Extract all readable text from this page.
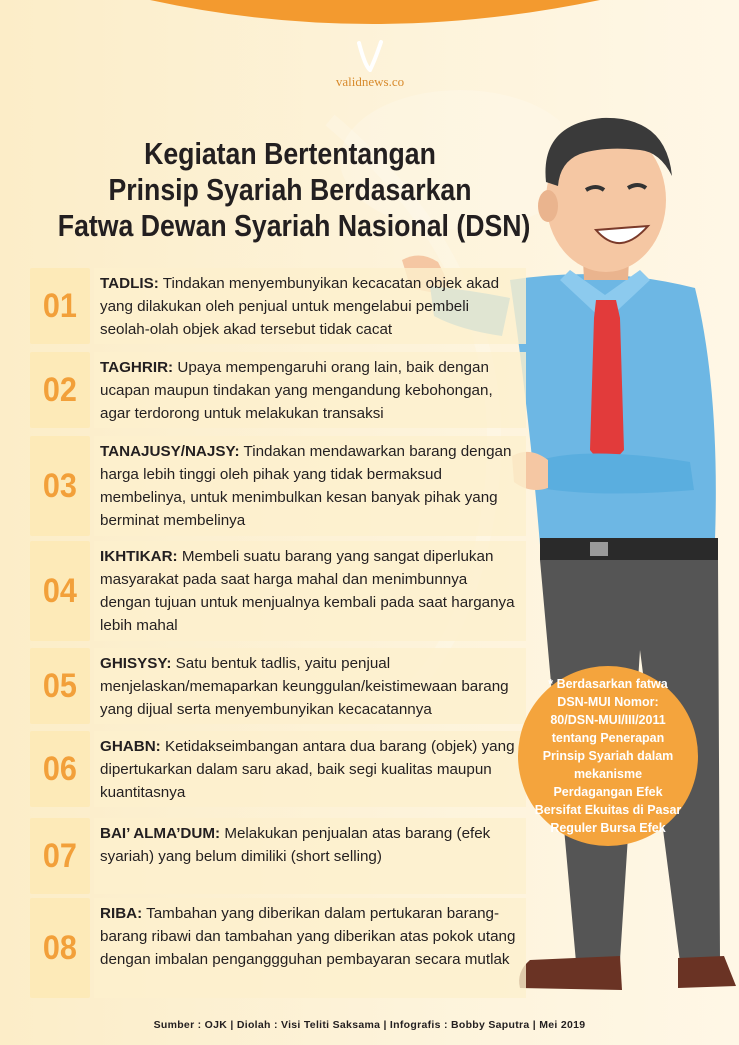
validnews.co
Kegiatan Bertentangan
Prinsip Syariah Berdasarkan
Fatwa Dewan Syariah Nasional (DSN)
01
TADLIS: Tindakan menyembunyikan kecacatan objek akad yang dilakukan oleh penjual untuk mengelabui pembeli seolah-olah objek akad tersebut tidak cacat
02
TAGHRIR: Upaya mempengaruhi orang lain, baik dengan ucapan maupun tindakan yang mengandung kebohongan, agar terdorong untuk melakukan transaksi
03
TANAJUSY/NAJSY: Tindakan mendawarkan barang dengan harga lebih tinggi oleh pihak yang tidak bermaksud membelinya, untuk menimbulkan kesan banyak pihak yang berminat membelinya
04
IKHTIKAR: Membeli suatu barang yang sangat diperlukan masyarakat pada saat harga mahal dan menimbunnya dengan tujuan untuk menjualnya kembali pada saat harganya lebih mahal
05
GHISYSY: Satu bentuk tadlis, yaitu penjual menjelaskan/memaparkan keunggulan/keistimewaan barang yang dijual serta menyembunyikan kecacatannya
06
GHABN: Ketidakseimbangan antara dua barang (objek) yang dipertukarkan dalam saru akad, baik segi kualitas maupun kuantitasnya
07
BAI’ ALMA’DUM: Melakukan penjualan atas barang (efek syariah) yang belum dimiliki (short selling)
08
RIBA: Tambahan yang diberikan dalam pertukaran barang-barang ribawi dan tambahan yang diberikan atas pokok utang dengan imbalan penganggguhan pembayaran secara mutlak
* Berdasarkan fatwa DSN-MUI Nomor: 80/DSN-MUI/III/2011 tentang Penerapan Prinsip Syariah dalam mekanisme Perdagangan Efek Bersifat Ekuitas di Pasar Reguler Bursa Efek
Sumber : OJK | Diolah : Visi Teliti Saksama | Infografis : Bobby Saputra | Mei 2019
